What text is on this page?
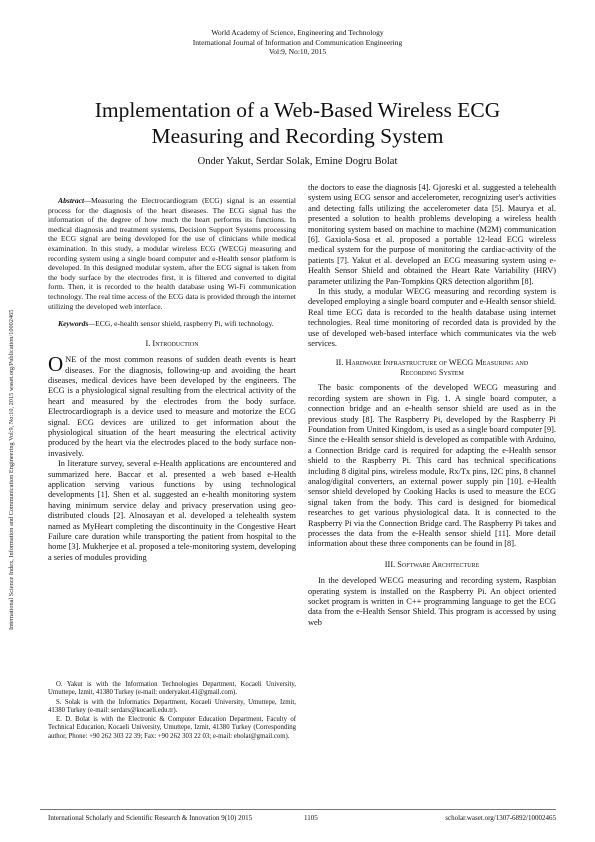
World Academy of Science, Engineering and Technology
International Journal of Information and Communication Engineering
Vol:9, No:10, 2015
International Science Index, Information and Communication Engineering Vol:9, No:10, 2015 waset.org/Publication/10002465
Implementation of a Web-Based Wireless ECG
Measuring and Recording System
Onder Yakut, Serdar Solak, Emine Dogru Bolat

Abstract—Measuring the Electrocardiogram (ECG) signal is an essential process for the diagnosis of the heart diseases. The ECG signal has the information of the degree of how much the heart performs its functions. In medical diagnosis and treatment systems, Decision Support Systems processing the ECG signal are being developed for the use of clinicians while medical examination. In this study, a modular wireless ECG (WECG) measuring and recording system using a single board computer and e-Health sensor platform is developed. In this designed modular system, after the ECG signal is taken from the body surface by the electrodes first, it is filtered and converted to digital form. Then, it is recorded to the health database using Wi-Fi communication technology. The real time access of the ECG data is provided through the internet utilizing the developed web interface.

Keywords—ECG, e-health sensor shield, raspberry Pi, wifi technology.

I. Introduction

ONE of the most common reasons of sudden death events is heart diseases. For the diagnosis, following-up and avoiding the heart diseases, medical devices have been developed by the engineers. The ECG is a physiological signal resulting from the electrical activity of the heart and measured by the electrodes from the body surface. Electrocardiograph is a device used to measure and motorize the ECG signal. ECG devices are utilized to get information about the physiological situation of the heart measuring the electrical activity produced by the heart via the electrodes placed to the body surface non-invasively.

In literature survey, several e-Health applications are encountered and summarized here. Baccar et al. presented a web based e-Health application serving various functions by using technological developments [1]. Shen et al. suggested an e-health monitoring system having minimum service delay and privacy preservation using geo-distributed clouds [2]. Alnosayan et al. developed a telehealth system named as MyHeart completing the discontinuity in the Congestive Heart Failure care duration while transporting the patient from hospital to the home [3]. Mukherjee et al. proposed a tele-monitoring system, developing a series of modules providing

O. Yakut is with the Information Technologies Department, Kocaeli University, Umuttepe, Izmit, 41380 Turkey (e-mail: onderyakut.41@gmail.com).

S. Solak is with the Informatics Department, Kocaeli University, Umuttepe, Izmit, 41380 Turkey (e-mail: serdars@kocaeli.edu.tr).

E. D. Bolat is with the Electronic & Computer Education Department, Faculty of Technical Education, Kocaeli University, Umuttepe, Izmit, 41380 Turkey (Corresponding author, Phone: +90 262 303 22 39; Fax: +90 262 303 22 03; e-mail: ebolat@gmail.com).

the doctors to ease the diagnosis [4]. Gjoreski et al. suggested a telehealth system using ECG sensor and accelerometer, recognizing user's activities and detecting falls utilizing the accelerometer data [5]. Maurya et al. presented a solution to health problems developing a wireless health monitoring system based on machine to machine (M2M) communication [6]. Gaxiola-Sosa et al. proposed a portable 12-lead ECG wireless medical system for the purpose of monitoring the cardiac-activity of the patients [7]. Yakut et al. developed an ECG measuring system using e-Health Sensor Shield and obtained the Heart Rate Variability (HRV) parameter utilizing the Pan-Tompkins QRS detection algorithm [8].

In this study, a modular WECG measuring and recording system is developed employing a single board computer and e-Health sensor shield. Real time ECG data is recorded to the health database using internet technologies. Real time monitoring of recorded data is provided by the use of developed web-based interface which communicates via the web services.

II. Hardware Infrastructure of WECG Measuring and
Recording System

The basic components of the developed WECG measuring and recording system are shown in Fig. 1. A single board computer, a connection bridge and an e-health sensor shield are used as in the previous study [8]. The Raspberry Pi, developed by the Raspberry Pi Foundation from United Kingdom, is used as a single board computer [9]. Since the e-Health sensor shield is developed as compatible with Arduino, a Connection Bridge card is required for adapting the e-Health sensor shield to the Raspberry Pi. This card has technical specifications including 8 digital pins, wireless module, Rx/Tx pins, I2C pins, 8 channel analog/digital converters, an external power supply pin [10]. e-Health sensor shield developed by Cooking Hacks is used to measure the ECG signal taken from the body. This card is designed for biomedical researches to get various physiological data. It is connected to the Raspberry Pi via the Connection Bridge card. The Raspberry Pi takes and processes the data from the e-Health sensor shield [11]. More detail information about these three components can be found in [8].

III. Software Architecture

In the developed WECG measuring and recording system, Raspbian operating system is installed on the Raspberry Pi. An object oriented socket program is written in C++ programming language to get the ECG data from the e-Health Sensor Shield. This program is accessed by using web

International Scholarly and Scientific Research & Innovation 9(10) 2015	1105	scholar.waset.org/1307-6892/10002465
